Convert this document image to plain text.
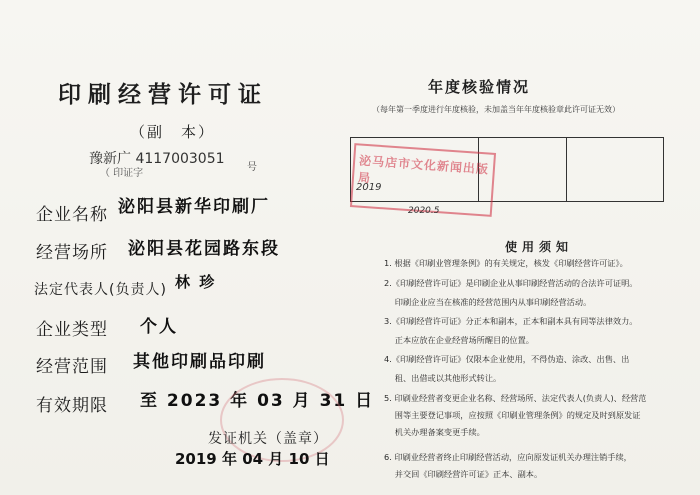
印刷经营许可证
（副　本）
豫新广 4117003051
（ 印证字
号
企业名称 泌阳县新华印刷厂
经营场所 泌阳县花园路东段
法定代表人(负责人) 林 珍
企业类型 个人
经营范围 其他印刷品印刷
有效期限 至 2023 年 03 月 31 日
发证机关（盖章）
2019 年 04 月 10 日
年度核验情况
（每年第一季度进行年度核验，未加盖当年年度核验章此许可证无效）
泌马店市文化新闻出版局
2019
2020.5
使用须知
1. 根据《印刷业管理条例》的有关规定，核发《印刷经营许可证》。
2.《印刷经营许可证》是印刷企业从事印刷经营活动的合法许可证明。
　 印刷企业应当在核准的经营范围内从事印刷经营活动。
3.《印刷经营许可证》分正本和副本，正本和副本具有同等法律效力。
　 正本应放在企业经营场所醒目的位置。
4.《印刷经营许可证》仅限本企业使用，不得伪造、涂改、出售、出
　 租、出借或以其他形式转让。
5. 印刷业经营者变更企业名称、经营场所、法定代表人(负责人)、经营范
　 围等主要登记事项，应按照《印刷业管理条例》的规定及时到原发证
　 机关办理备案变更手续。
6. 印刷业经营者终止印刷经营活动，应向原发证机关办理注销手续，
　 并交回《印刷经营许可证》正本、副本。
